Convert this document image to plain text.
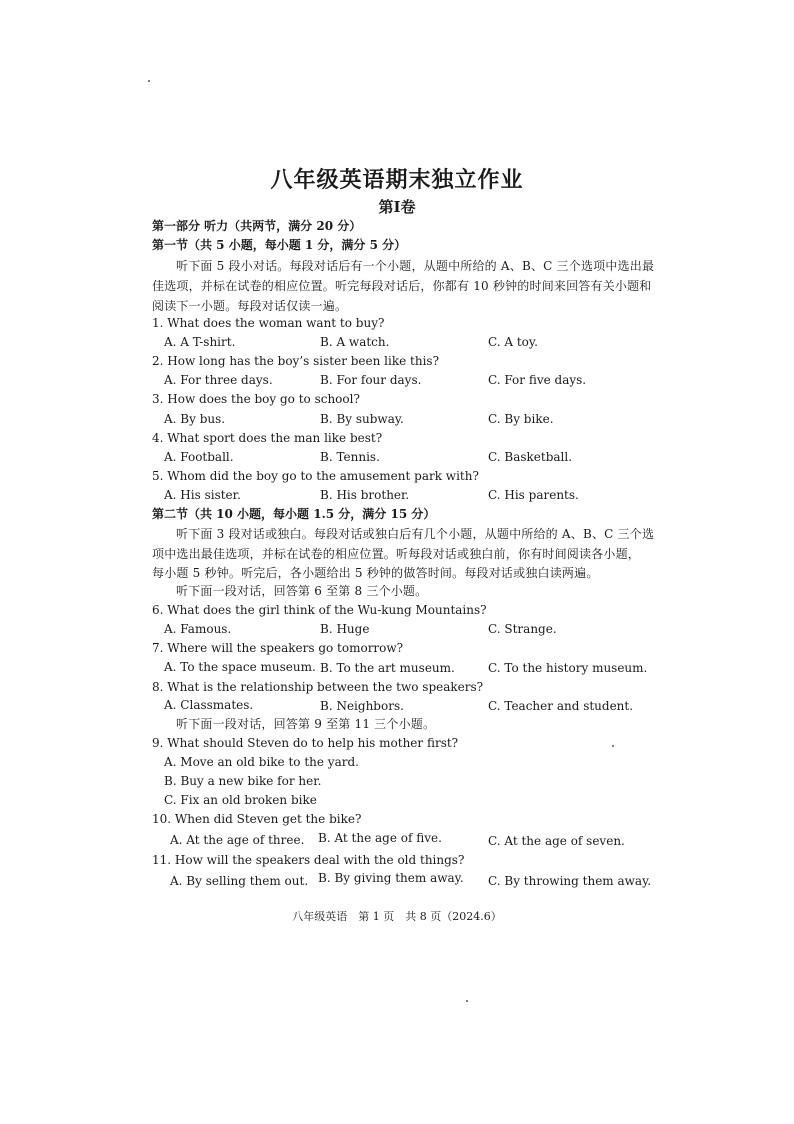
八年级英语期末独立作业
第Ⅰ卷
第一部分 听力（共两节，满分 20 分）
第一节（共 5 小题，每小题 1 分，满分 5 分）
听下面 5 段小对话。每段对话后有一个小题，从题中所给的 A、B、C 三个选项中选出最
佳选项，并标在试卷的相应位置。听完每段对话后，你都有 10 秒钟的时间来回答有关小题和
阅读下一小题。每段对话仅读一遍。
1. What does the woman want to buy?
A. A T-shirt.	B. A watch.	C. A toy.
2. How long has the boy’s sister been like this?
A. For three days.	B. For four days.	C. For five days.
3. How does the boy go to school?
A. By bus.	B. By subway.	C. By bike.
4. What sport does the man like best?
A. Football.	B. Tennis.	C. Basketball.
5. Whom did the boy go to the amusement park with?
A. His sister.	B. His brother.	C. His parents.
第二节（共 10 小题，每小题 1.5 分，满分 15 分）
听下面 3 段对话或独白。每段对话或独白后有几个小题，从题中所给的 A、B、C 三个选
项中选出最佳选项，并标在试卷的相应位置。听每段对话或独白前，你有时间阅读各小题，
每小题 5 秒钟。听完后，各小题给出 5 秒钟的做答时间。每段对话或独白读两遍。
听下面一段对话，回答第 6 至第 8 三个小题。
6. What does the girl think of the Wu-kung Mountains?
A. Famous.	B. Huge	C. Strange.
7. Where will the speakers go tomorrow?
A. To the space museum. B. To the art museum.	C. To the history museum.
8. What is the relationship between the two speakers?
A. Classmates.	B. Neighbors.	C. Teacher and student.
听下面一段对话，回答第 9 至第 11 三个小题。
9. What should Steven do to help his mother first?
A. Move an old bike to the yard.
B. Buy a new bike for her.
C. Fix an old broken bike
10. When did Steven get the bike?
A. At the age of three. B. At the age of five.	C. At the age of seven.
11. How will the speakers deal with the old things?
A. By selling them out. B. By giving them away. C. By throwing them away.
八年级英语　第 1 页　共 8 页（2024.6）
